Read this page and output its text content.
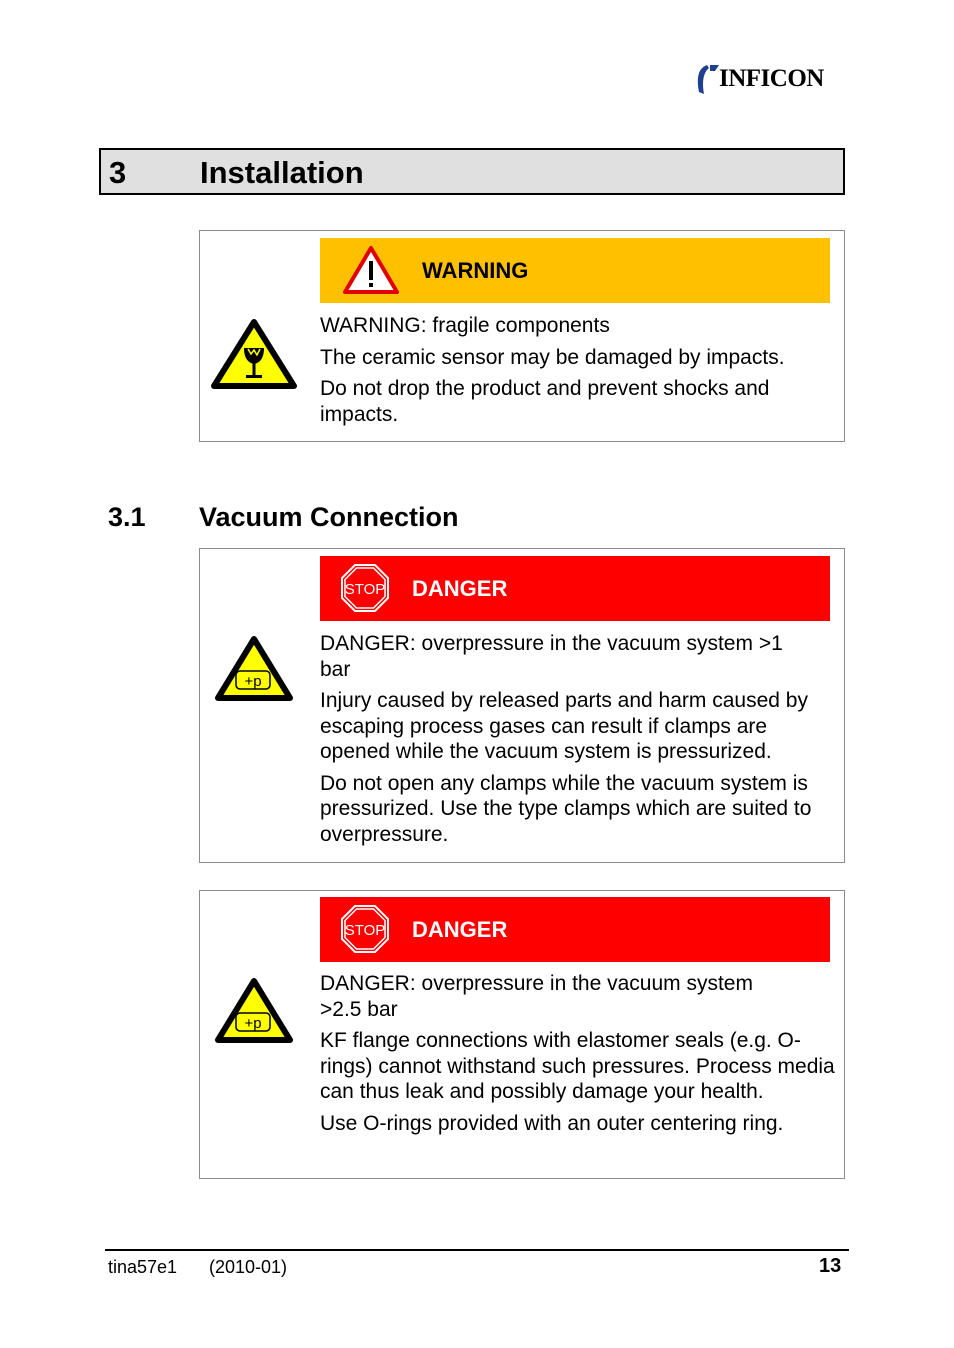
INFICON
3 Installation
WARNING

WARNING: fragile components

The ceramic sensor may be damaged by impacts.

Do not drop the product and prevent shocks and impacts.

3.1 Vacuum Connection
+p
STOP DANGER

DANGER: overpressure in the vacuum system >1 bar

Injury caused by released parts and harm caused by escaping process gases can result if clamps are opened while the vacuum system is pressurized.

Do not open any clamps while the vacuum system is pressurized. Use the type clamps which are suited to overpressure.

+p
STOP DANGER

DANGER: overpressure in the vacuum system >2.5 bar

KF flange connections with elastomer seals (e.g. O-rings) cannot withstand such pressures. Process media can thus leak and possibly damage your health.

Use O-rings provided with an outer centering ring.

tina57e1 (2010-01)	13
